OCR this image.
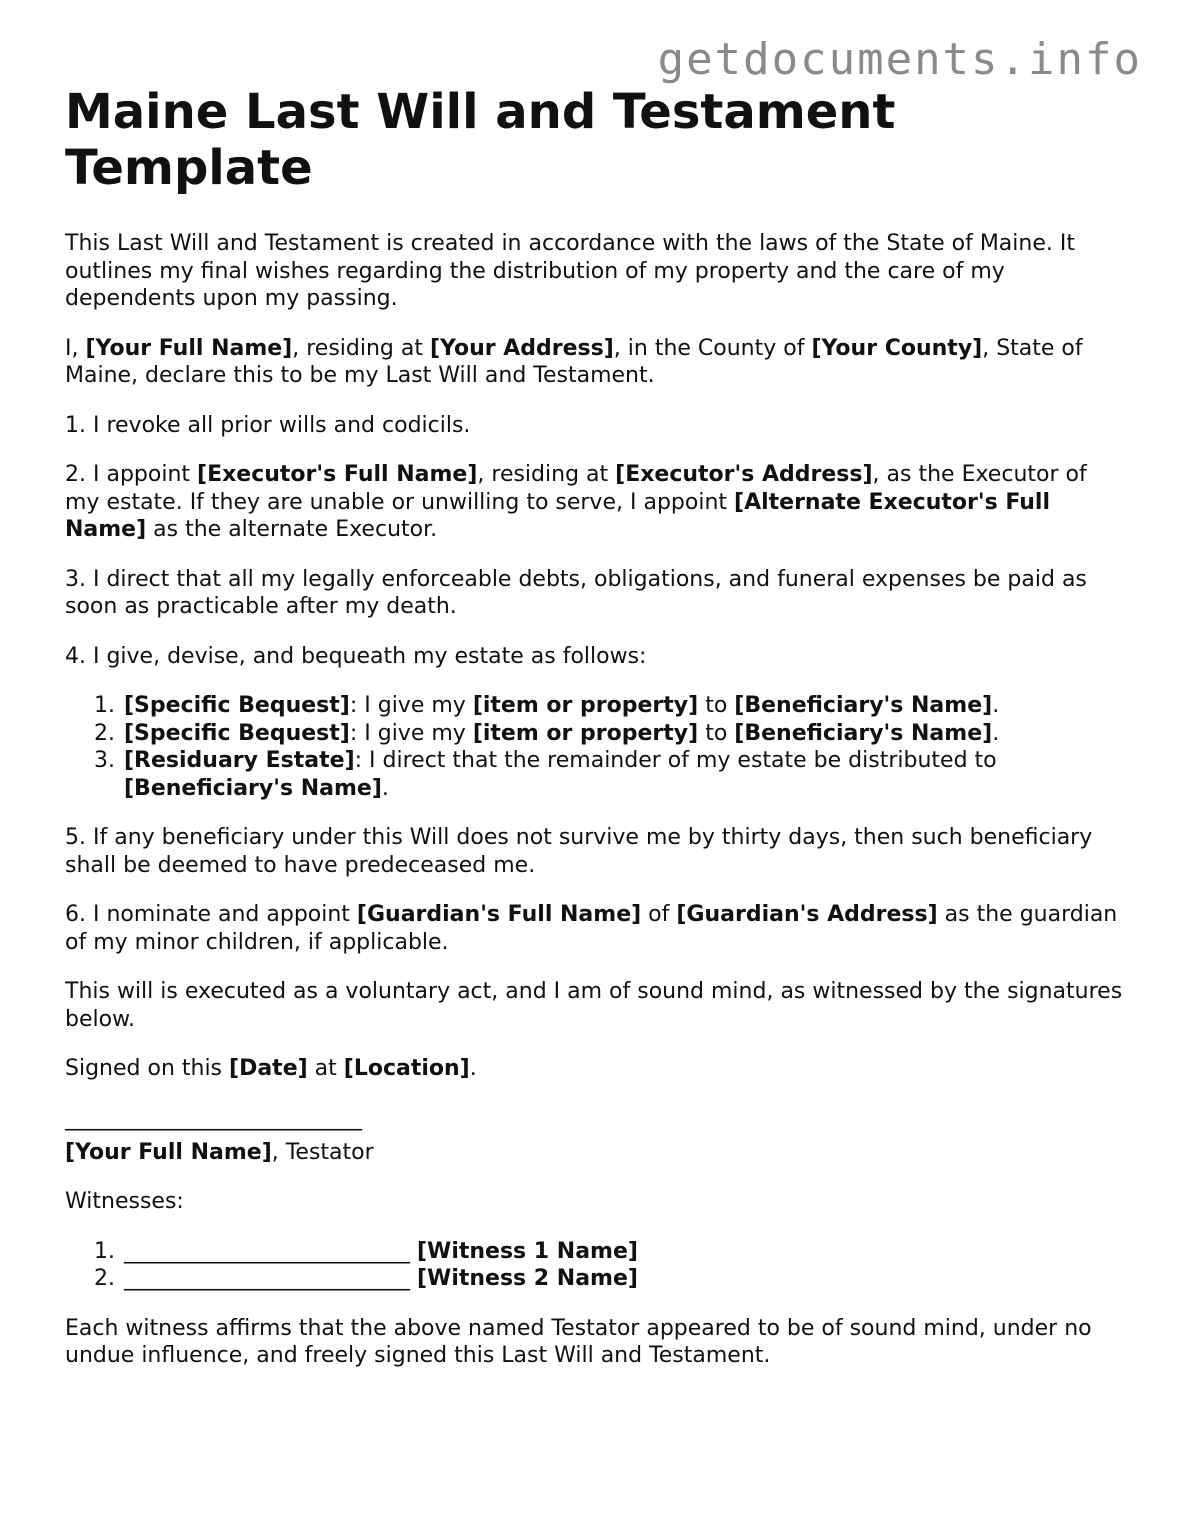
getdocuments.info
Maine Last Will and Testament Template

This Last Will and Testament is created in accordance with the laws of the State of Maine. It outlines my final wishes regarding the distribution of my property and the care of my dependents upon my passing.

I, [Your Full Name], residing at [Your Address], in the County of [Your County], State of Maine, declare this to be my Last Will and Testament.

1. I revoke all prior wills and codicils.

2. I appoint [Executor's Full Name], residing at [Executor's Address], as the Executor of my estate. If they are unable or unwilling to serve, I appoint [Alternate Executor's Full Name] as the alternate Executor.

3. I direct that all my legally enforceable debts, obligations, and funeral expenses be paid as soon as practicable after my death.

4. I give, devise, and bequeath my estate as follows:

1. [Specific Bequest]: I give my [item or property] to [Beneficiary's Name].
2. [Specific Bequest]: I give my [item or property] to [Beneficiary's Name].
3. [Residuary Estate]: I direct that the remainder of my estate be distributed to [Beneficiary's Name].

5. If any beneficiary under this Will does not survive me by thirty days, then such beneficiary shall be deemed to have predeceased me.

6. I nominate and appoint [Guardian's Full Name] of [Guardian's Address] as the guardian of my minor children, if applicable.

This will is executed as a voluntary act, and I am of sound mind, as witnessed by the signatures below.

Signed on this [Date] at [Location].

___________________________

[Your Full Name], Testator

Witnesses:

1. __________________________ [Witness 1 Name]
2. __________________________ [Witness 2 Name]

Each witness affirms that the above named Testator appeared to be of sound mind, under no undue influence, and freely signed this Last Will and Testament.
